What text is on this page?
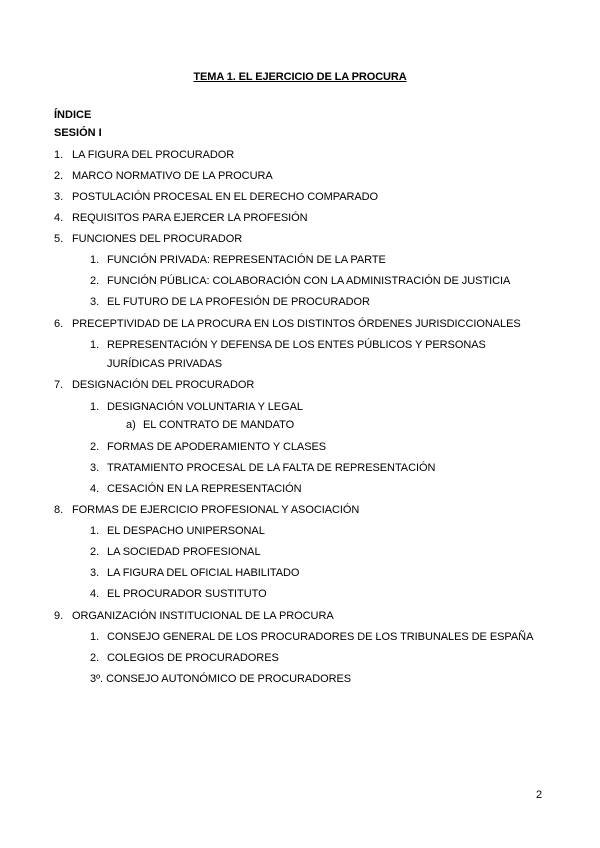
TEMA 1. EL EJERCICIO DE LA PROCURA
ÍNDICE
SESIÓN I
1. LA FIGURA DEL PROCURADOR
2. MARCO NORMATIVO DE LA PROCURA
3. POSTULACIÓN PROCESAL EN EL DERECHO COMPARADO
4. REQUISITOS PARA EJERCER LA PROFESIÓN
5. FUNCIONES DEL PROCURADOR
1. FUNCIÓN PRIVADA: REPRESENTACIÓN DE LA PARTE
2. FUNCIÓN PÚBLICA: COLABORACIÓN CON LA ADMINISTRACIÓN DE JUSTICIA
3. EL FUTURO DE LA PROFESIÓN DE PROCURADOR
6. PRECEPTIVIDAD DE LA PROCURA EN LOS DISTINTOS ÓRDENES JURISDICCIONALES
1. REPRESENTACIÓN Y DEFENSA DE LOS ENTES PÚBLICOS Y PERSONAS
JURÍDICAS PRIVADAS
7. DESIGNACIÓN DEL PROCURADOR
1. DESIGNACIÓN VOLUNTARIA Y LEGAL
a) EL CONTRATO DE MANDATO
2. FORMAS DE APODERAMIENTO Y CLASES
3. TRATAMIENTO PROCESAL DE LA FALTA DE REPRESENTACIÓN
4. CESACIÓN EN LA REPRESENTACIÓN
8. FORMAS DE EJERCICIO PROFESIONAL Y ASOCIACIÓN
1. EL DESPACHO UNIPERSONAL
2. LA SOCIEDAD PROFESIONAL
3. LA FIGURA DEL OFICIAL HABILITADO
4. EL PROCURADOR SUSTITUTO
9. ORGANIZACIÓN INSTITUCIONAL DE LA PROCURA
1. CONSEJO GENERAL DE LOS PROCURADORES DE LOS TRIBUNALES DE ESPAÑA
2. COLEGIOS DE PROCURADORES
3º. CONSEJO AUTONÓMICO DE PROCURADORES
2
